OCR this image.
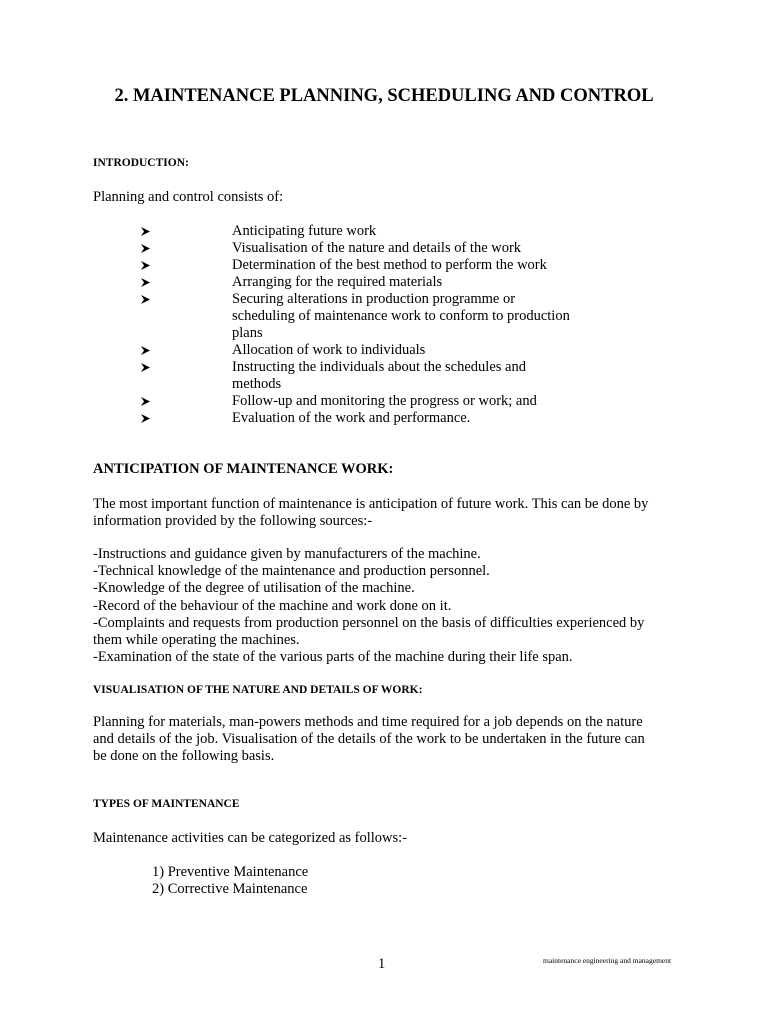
2. MAINTENANCE PLANNING, SCHEDULING AND CONTROL
INTRODUCTION:
Planning and control consists of:
Anticipating future work
Visualisation of the nature and details of the work
Determination of the best method to perform the work
Arranging for the required materials
Securing alterations in production programme or
scheduling of maintenance work to conform to production
plans
Allocation of work to individuals
Instructing the individuals about the schedules and
methods
Follow-up and monitoring the progress or work; and
Evaluation of the work and performance.
ANTICIPATION OF MAINTENANCE WORK:
The most important function of maintenance is anticipation of future work. This can be done by
information provided by the following sources:-
-Instructions and guidance given by manufacturers of the machine.
-Technical knowledge of the maintenance and production personnel.
-Knowledge of the degree of utilisation of the machine.
-Record of the behaviour of the machine and work done on it.
-Complaints and requests from production personnel on the basis of difficulties experienced by
them while operating the machines.
-Examination of the state of the various parts of the machine during their life span.
VISUALISATION OF THE NATURE AND DETAILS OF WORK:
Planning for materials, man-powers methods and time required for a job depends on the nature
and details of the job. Visualisation of the details of the work to be undertaken in the future can
be done on the following basis.
TYPES OF MAINTENANCE
Maintenance activities can be categorized as follows:-
1) Preventive Maintenance
2) Corrective Maintenance
1	maintenance engineering and management
